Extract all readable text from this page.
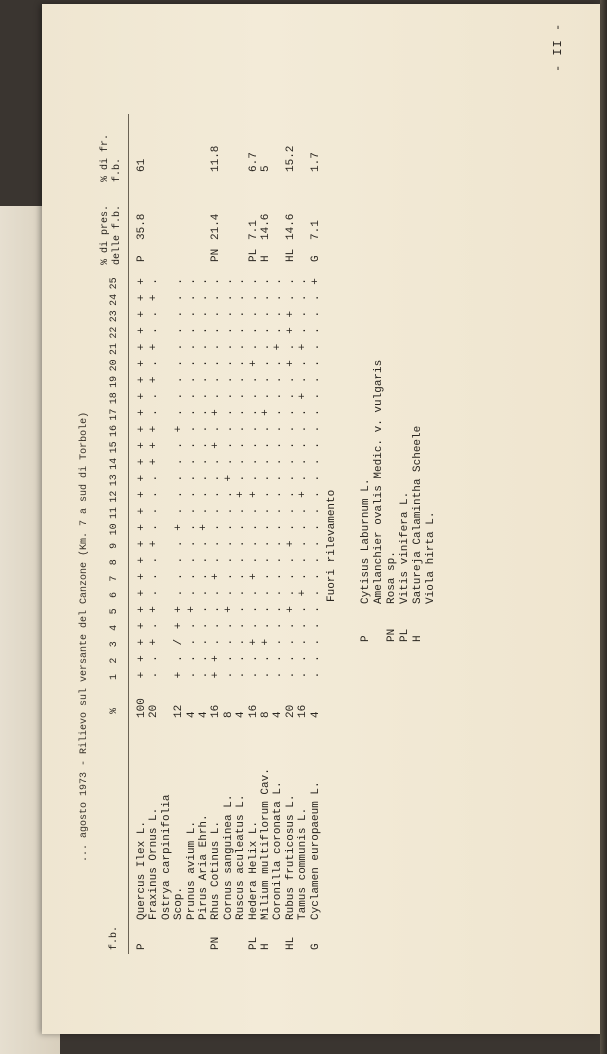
- II -
... agosto 1973 - Rilievo sul versante del Canzone (Km. 7 a sud di Torbole)
f.b.
%
1
2
3
4
5
6
7
8
9
10
11
12
13
14
15
16
17
18
19
20
21
22
23
24
25
% di pres. delle f.b.
% di fr. f.b.
P
Quercus Ilex L.
100
+
+
+
+
+
+
+
+
+
+
+
+
+
+
+
+
+
+
+
+
+
+
+
+
+
P
35.8
61
Fraxinus Ornus L.
20
.
.
+
.
+
.
.
.
+
.
.
.
.
+
+
+
.
.
+
.
+
.
.
+
.
Ostrya carpinifolia Scop.
12
+
.
/
+
+
.
.
.
.
+
.
.
.
.
.
+
.
.
.
.
.
.
.
.
.
Prunus avium L.
4
.
.
.
.
+
.
.
.
.
.
.
.
.
.
.
.
.
.
.
.
.
.
.
.
.
Pirus Aria Ehrh.
4
.
.
.
.
.
.
.
.
.
+
.
.
.
.
.
.
.
.
.
.
.
.
.
.
.
PN
Rhus Cotinus L.
16
+
+
.
.
.
.
+
.
.
.
.
.
.
.
+
.
+
.
.
.
.
.
.
.
.
PN
21.4
11.8
Cornus sanguinea L.
8
.
.
.
.
+
.
.
.
.
.
.
.
+
.
.
.
.
.
.
.
.
.
.
.
.
Ruscus aculeatus L.
4
.
.
.
.
.
.
.
.
.
.
.
+
.
.
.
.
.
.
.
.
.
.
.
.
.
PL
Hedera Helix L.
16
.
.
+
.
.
.
+
.
.
.
.
+
.
.
.
.
.
.
.
+
.
.
.
.
.
PL
7.1
6.7
H
Milium multiflorum Cav.
8
.
.
+
.
.
.
.
.
.
.
.
.
.
.
.
.
+
.
.
.
.
.
.
.
.
H
14.6
5
Coronilla coronata L.
4
.
.
.
.
.
.
.
.
.
.
.
.
.
.
.
.
.
.
.
.
+
.
.
.
.
HL
Rubus fruticosus L.
20
.
.
.
.
+
.
.
.
+
.
.
.
.
.
.
.
.
.
.
+
.
+
+
.
.
HL
14.6
15.2
Tamus communis L.
16
.
.
.
.
.
+
.
.
.
.
.
+
.
.
.
.
.
+
.
.
+
.
.
.
.
G
Cyclamen europaeum L.
4
.
.
.
.
.
.
.
.
.
.
.
.
.
.
.
.
.
.
.
.
.
.
.
.
+
G
7.1
1.7
Fuori rilevamento
P
Cytisus Laburnum L. Amelanchier ovalis Medic. v. vulgaris
PN
Rosa sp.
PL
Vitis vinifera L.
H
Satureja Calamintha Scheele Viola hirta L.
